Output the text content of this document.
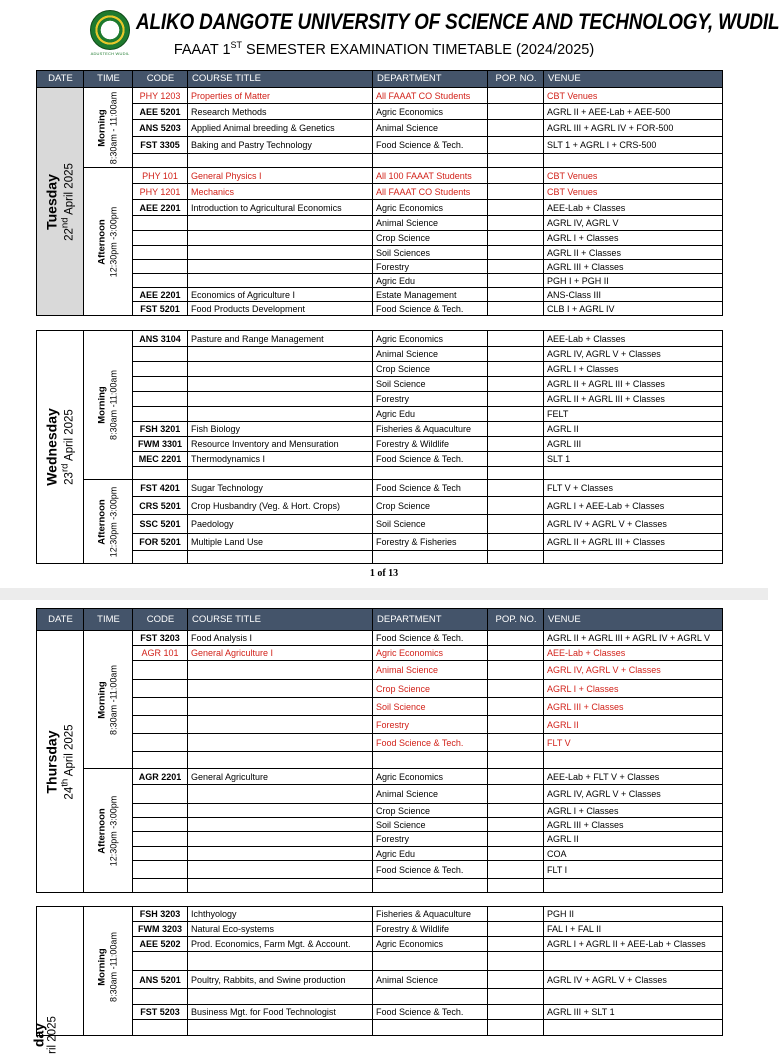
ADUSTECH WUDIL
ALIKO DANGOTE UNIVERSITY OF SCIENCE AND TECHNOLOGY, WUDIL
FAAAT 1ST SEMESTER EXAMINATION TIMETABLE (2024/2025)
DATE	TIME	CODE	COURSE TITLE	DEPARTMENT	POP. NO.	VENUE

Tuesday
22nd April 2025	Morning 8:30am - 11:00am	PHY 1203	Properties of Matter	All FAAAT CO Students		CBT Venues
		AEE 5201	Research Methods	Agric Economics		AGRL II + AEE-Lab + AEE-500
		ANS 5203	Applied Animal breeding & Genetics	Animal Science		AGRL III + AGRL IV + FOR-500
		FST 3305	Baking and Pastry Technology	Food Science & Tech.		SLT 1 + AGRL I + CRS-500

	Afternoon 12:30pm -3:00pm	PHY 101	General Physics I	All 100 FAAAT Students		CBT Venues
		PHY 1201	Mechanics	All FAAAT CO Students		CBT Venues
		AEE 2201	Introduction to Agricultural Economics	Agric Economics		AEE-Lab + Classes
				Animal Science		AGRL IV, AGRL V
				Crop Science		AGRL I + Classes
				Soil Sciences		AGRL II + Classes
				Forestry		AGRL III + Classes
				Agric Edu		PGH I + PGH II
		AEE 2201	Economics of Agriculture I	Estate Management		ANS-Class III
		FST 5201	Food Products Development	Food Science & Tech.		CLB I + AGRL IV
Wednesday 23rd April 2025	Morning 8:30am -11:00am	ANS 3104	Pasture and Range Management	Agric Economics		AEE-Lab + Classes
				Animal Science		AGRL IV, AGRL V + Classes
				Crop Science		AGRL I + Classes
				Soil Science		AGRL II + AGRL III + Classes
				Forestry		AGRL II + AGRL III + Classes
				Agric Edu		FELT
		FSH 3201	Fish Biology	Fisheries & Aquaculture		AGRL II
		FWM 3301	Resource Inventory and Mensuration	Forestry & Wildlife		AGRL III
		MEC 2201	Thermodynamics I	Food Science & Tech.		SLT 1

	Afternoon 12:30pm -3:00pm	FST 4201	Sugar Technology	Food Science & Tech		FLT V + Classes
		CRS 5201	Crop Husbandry (Veg. & Hort. Crops)	Crop Science		AGRL I + AEE-Lab + Classes
		SSC 5201	Paedology	Soil Science		AGRL IV + AGRL V + Classes
		FOR 5201	Multiple Land Use	Forestry & Fisheries		AGRL II + AGRL III + Classes

1 of 13
DATE	TIME	CODE	COURSE TITLE	DEPARTMENT	POP. NO.	VENUE

Thursday 24th April 2025	Morning 8:30am -11:00am	FST 3203	Food Analysis I	Food Science & Tech.		AGRL II + AGRL III + AGRL IV + AGRL V
		AGR 101	General Agriculture I	Agric Economics		AEE-Lab + Classes
				Animal Science		AGRL IV, AGRL V + Classes
				Crop Science		AGRL I + Classes
				Soil Science		AGRL III + Classes
				Forestry		AGRL II
				Food Science & Tech.		FLT V

	Afternoon 12:30pm -3:00pm	AGR 2201	General Agriculture	Agric Economics		AEE-Lab + FLT V + Classes
				Animal Science		AGRL IV, AGRL V + Classes
				Crop Science		AGRL I + Classes
				Soil Science		AGRL III + Classes
				Forestry		AGRL II
				Agric Edu		COA
				Food Science & Tech.		FLT I

day ril 2025	Morning 8:30am -11:00am	FSH 3203	Ichthyology	Fisheries & Aquaculture		PGH II
		FWM 3203	Natural Eco-systems	Forestry & Wildlife		FAL I + FAL II
		AEE 5202	Prod. Economics, Farm Mgt. & Account.	Agric Economics		AGRL I + AGRL II + AEE-Lab + Classes

		ANS 5201	Poultry, Rabbits, and Swine production	Animal Science		AGRL IV + AGRL V + Classes

		FST 5203	Business Mgt. for Food Technologist	Food Science & Tech.		AGRL III + SLT 1
